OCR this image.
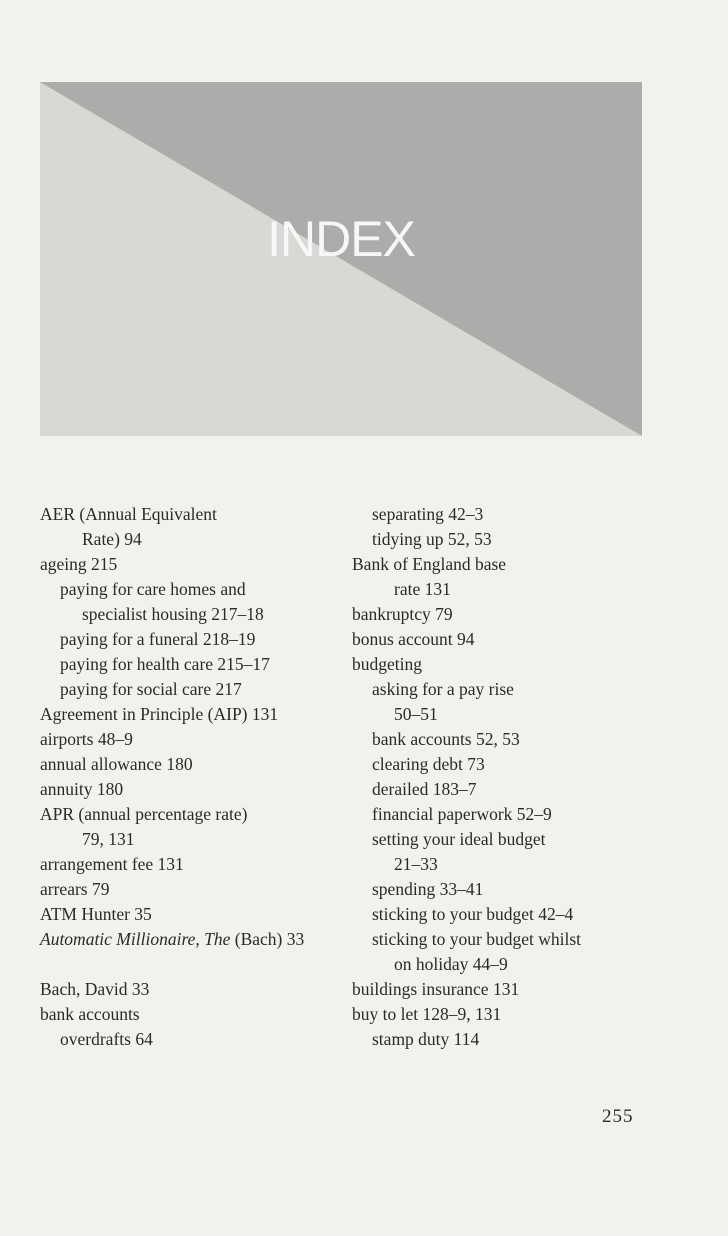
INDEX
AER (Annual Equivalent
Rate) 94
ageing 215
paying for care homes and
specialist housing 217–18
paying for a funeral 218–19
paying for health care 215–17
paying for social care 217
Agreement in Principle (AIP) 131
airports 48–9
annual allowance 180
annuity 180
APR (annual percentage rate)
79, 131
arrangement fee 131
arrears 79
ATM Hunter 35
Automatic Millionaire, The (Bach) 33
Bach, David 33
bank accounts
overdrafts 64
separating 42–3
tidying up 52, 53
Bank of England base
rate 131
bankruptcy 79
bonus account 94
budgeting
asking for a pay rise
50–51
bank accounts 52, 53
clearing debt 73
derailed 183–7
financial paperwork 52–9
setting your ideal budget
21–33
spending 33–41
sticking to your budget 42–4
sticking to your budget whilst
on holiday 44–9
buildings insurance 131
buy to let 128–9, 131
stamp duty 114
255
